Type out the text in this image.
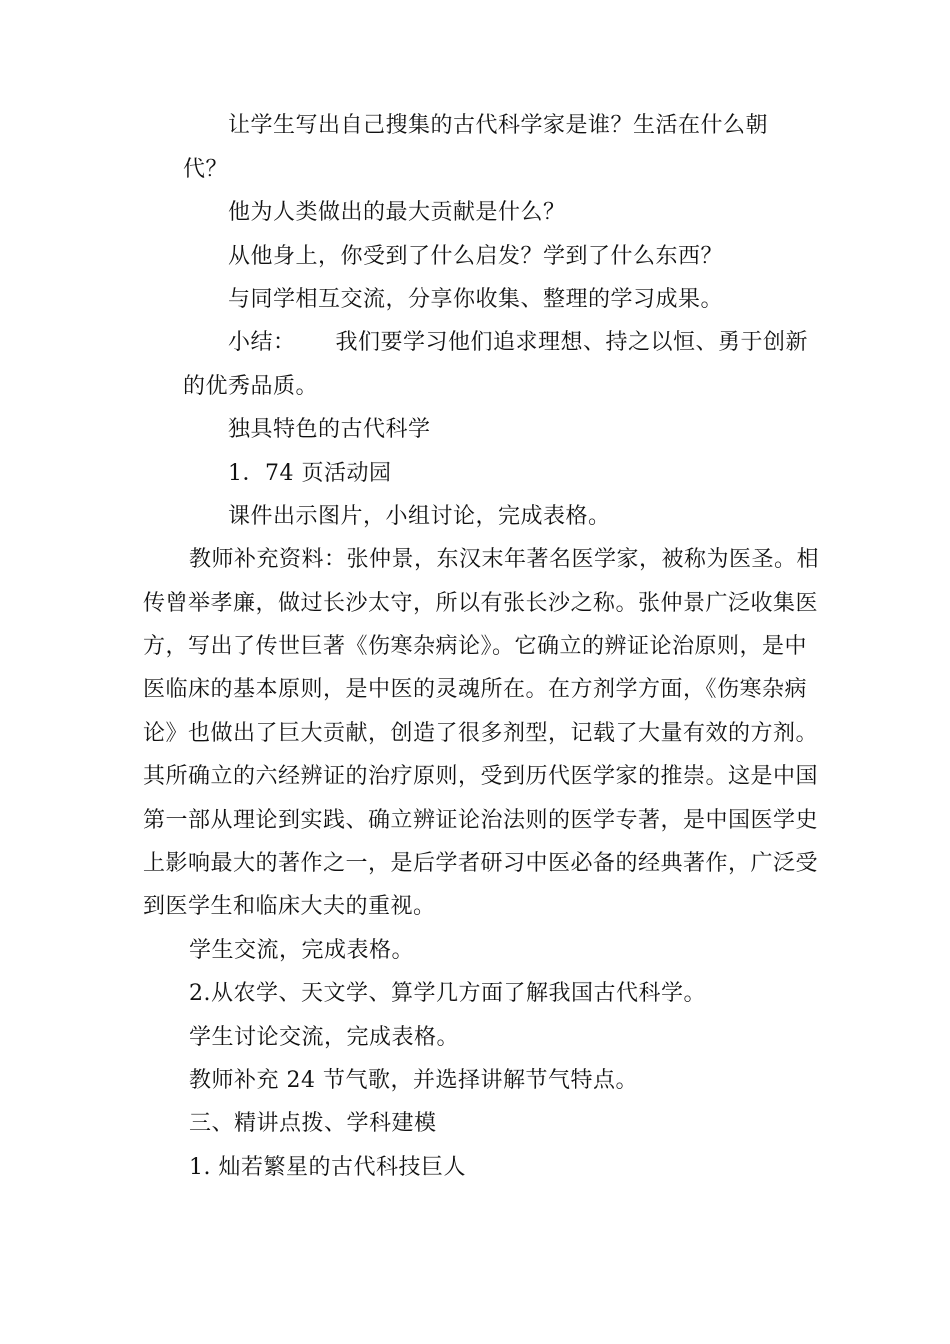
让学生写出自己搜集的古代科学家是谁？生活在什么朝
代？
他为人类做出的最大贡献是什么？
从他身上，你受到了什么启发？学到了什么东西？
与同学相互交流，分享你收集、整理的学习成果。
小结： 我们要学习他们追求理想、持之以恒、勇于创新
的优秀品质。
独具特色的古代科学
1．74 页活动园
课件出示图片，小组讨论，完成表格。
教师补充资料：张仲景，东汉末年著名医学家，被称为医圣。相
传曾举孝廉，做过长沙太守，所以有张长沙之称。张仲景广泛收集医
方，写出了传世巨著《伤寒杂病论》。它确立的辨证论治原则，是中
医临床的基本原则，是中医的灵魂所在。在方剂学方面，《伤寒杂病
论》也做出了巨大贡献，创造了很多剂型，记载了大量有效的方剂。
其所确立的六经辨证的治疗原则，受到历代医学家的推崇。这是中国
第一部从理论到实践、确立辨证论治法则的医学专著，是中国医学史
上影响最大的著作之一，是后学者研习中医必备的经典著作，广泛受
到医学生和临床大夫的重视。
学生交流，完成表格。
2.从农学、天文学、算学几方面了解我国古代科学。
学生讨论交流，完成表格。
教师补充 24 节气歌，并选择讲解节气特点。
三、精讲点拨、学科建模
1. 灿若繁星的古代科技巨人
